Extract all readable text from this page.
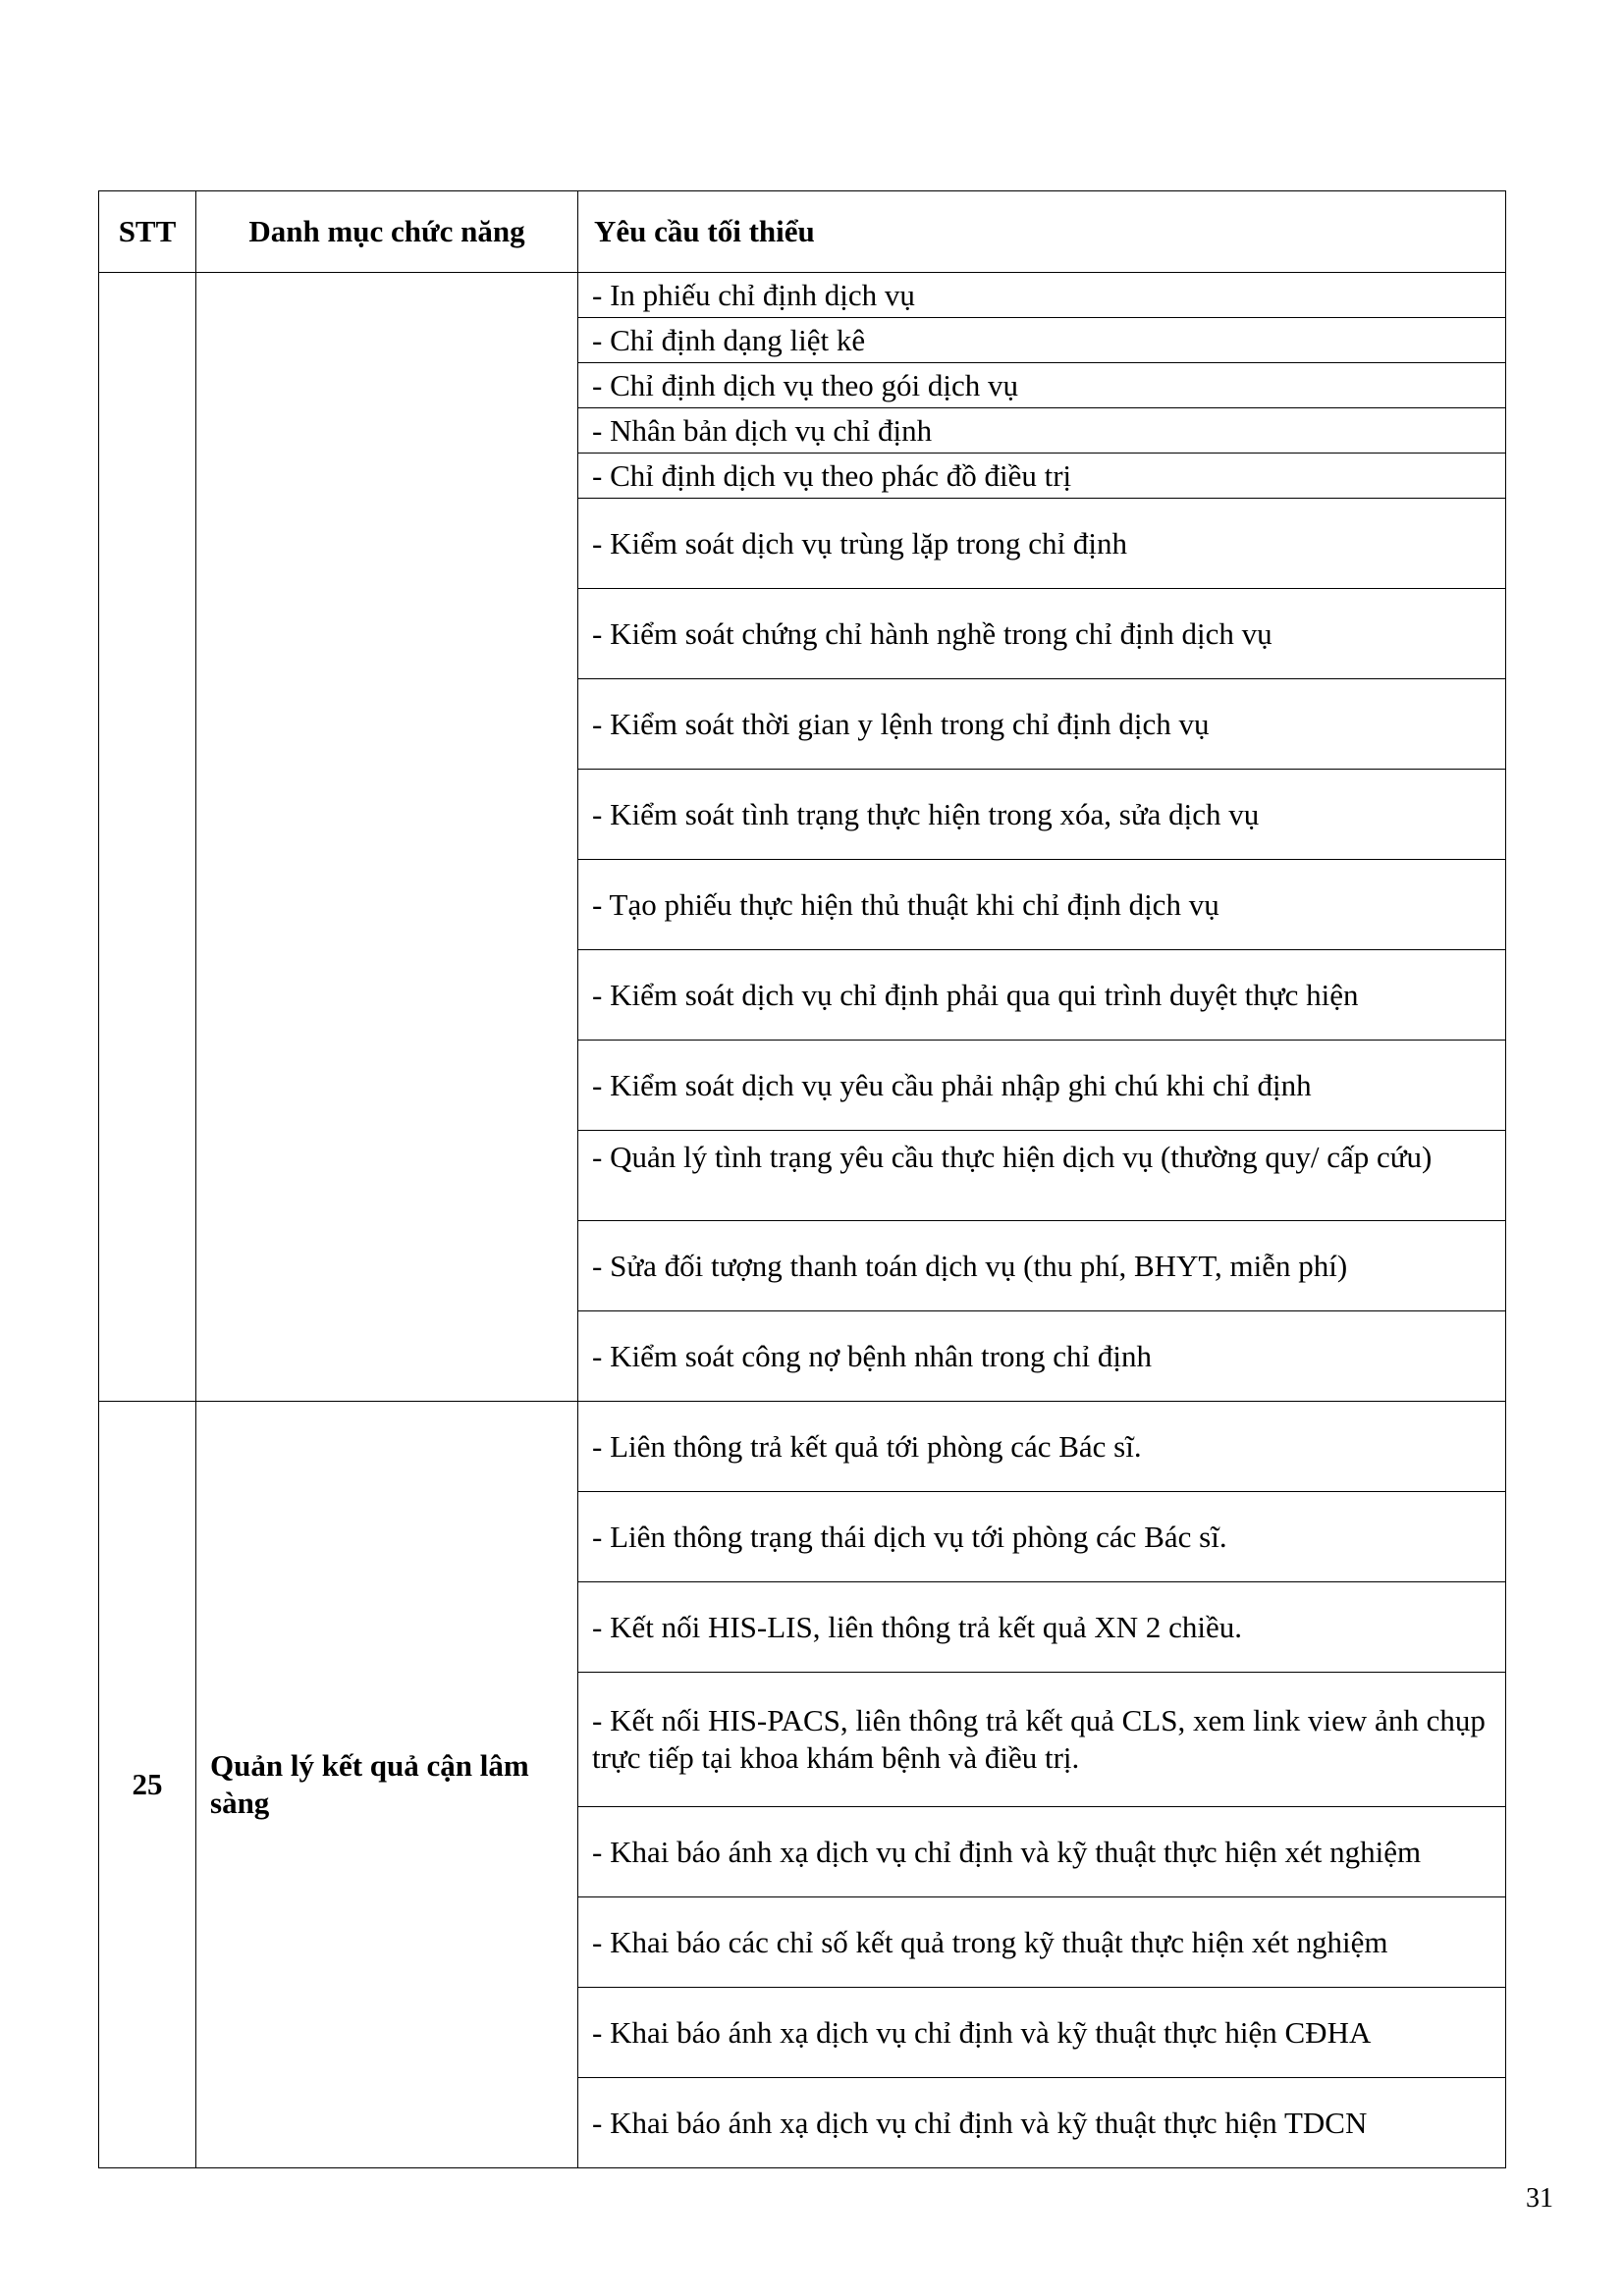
STT	Danh mục chức năng	Yêu cầu tối thiểu
		- In phiếu chỉ định dịch vụ
		- Chỉ định dạng liệt kê
		- Chỉ định dịch vụ theo gói dịch vụ
		- Nhân bản dịch vụ chỉ định
		- Chỉ định dịch vụ theo phác đồ điều trị
		- Kiểm soát dịch vụ trùng lặp trong chỉ định
		- Kiểm soát chứng chỉ hành nghề trong chỉ định dịch vụ
		- Kiểm soát thời gian y lệnh trong chỉ định dịch vụ
		- Kiểm soát tình trạng thực hiện trong xóa, sửa dịch vụ
		- Tạo phiếu thực hiện thủ thuật khi chỉ định dịch vụ
		- Kiểm soát dịch vụ chỉ định phải qua qui trình duyệt thực hiện
		- Kiểm soát dịch vụ yêu cầu phải nhập ghi chú khi chỉ định
		- Quản lý tình trạng yêu cầu thực hiện dịch vụ (thường quy/ cấp cứu)
		- Sửa đối tượng thanh toán dịch vụ (thu phí, BHYT, miễn phí)
		- Kiểm soát công nợ bệnh nhân trong chỉ định
25	Quản lý kết quả cận lâm sàng	- Liên thông trả kết quả tới phòng các Bác sĩ.
		- Liên thông trạng thái dịch vụ tới phòng các Bác sĩ.
		- Kết nối HIS-LIS, liên thông trả kết quả XN 2 chiều.
		- Kết nối HIS-PACS, liên thông trả kết quả CLS, xem link view ảnh chụp trực tiếp tại khoa khám bệnh và điều trị.
		- Khai báo ánh xạ dịch vụ chỉ định và kỹ thuật thực hiện xét nghiệm
		- Khai báo các chỉ số kết quả trong kỹ thuật thực hiện xét nghiệm
		- Khai báo ánh xạ dịch vụ chỉ định và kỹ thuật thực hiện CĐHA
		- Khai báo ánh xạ dịch vụ chỉ định và kỹ thuật thực hiện TDCN
31
